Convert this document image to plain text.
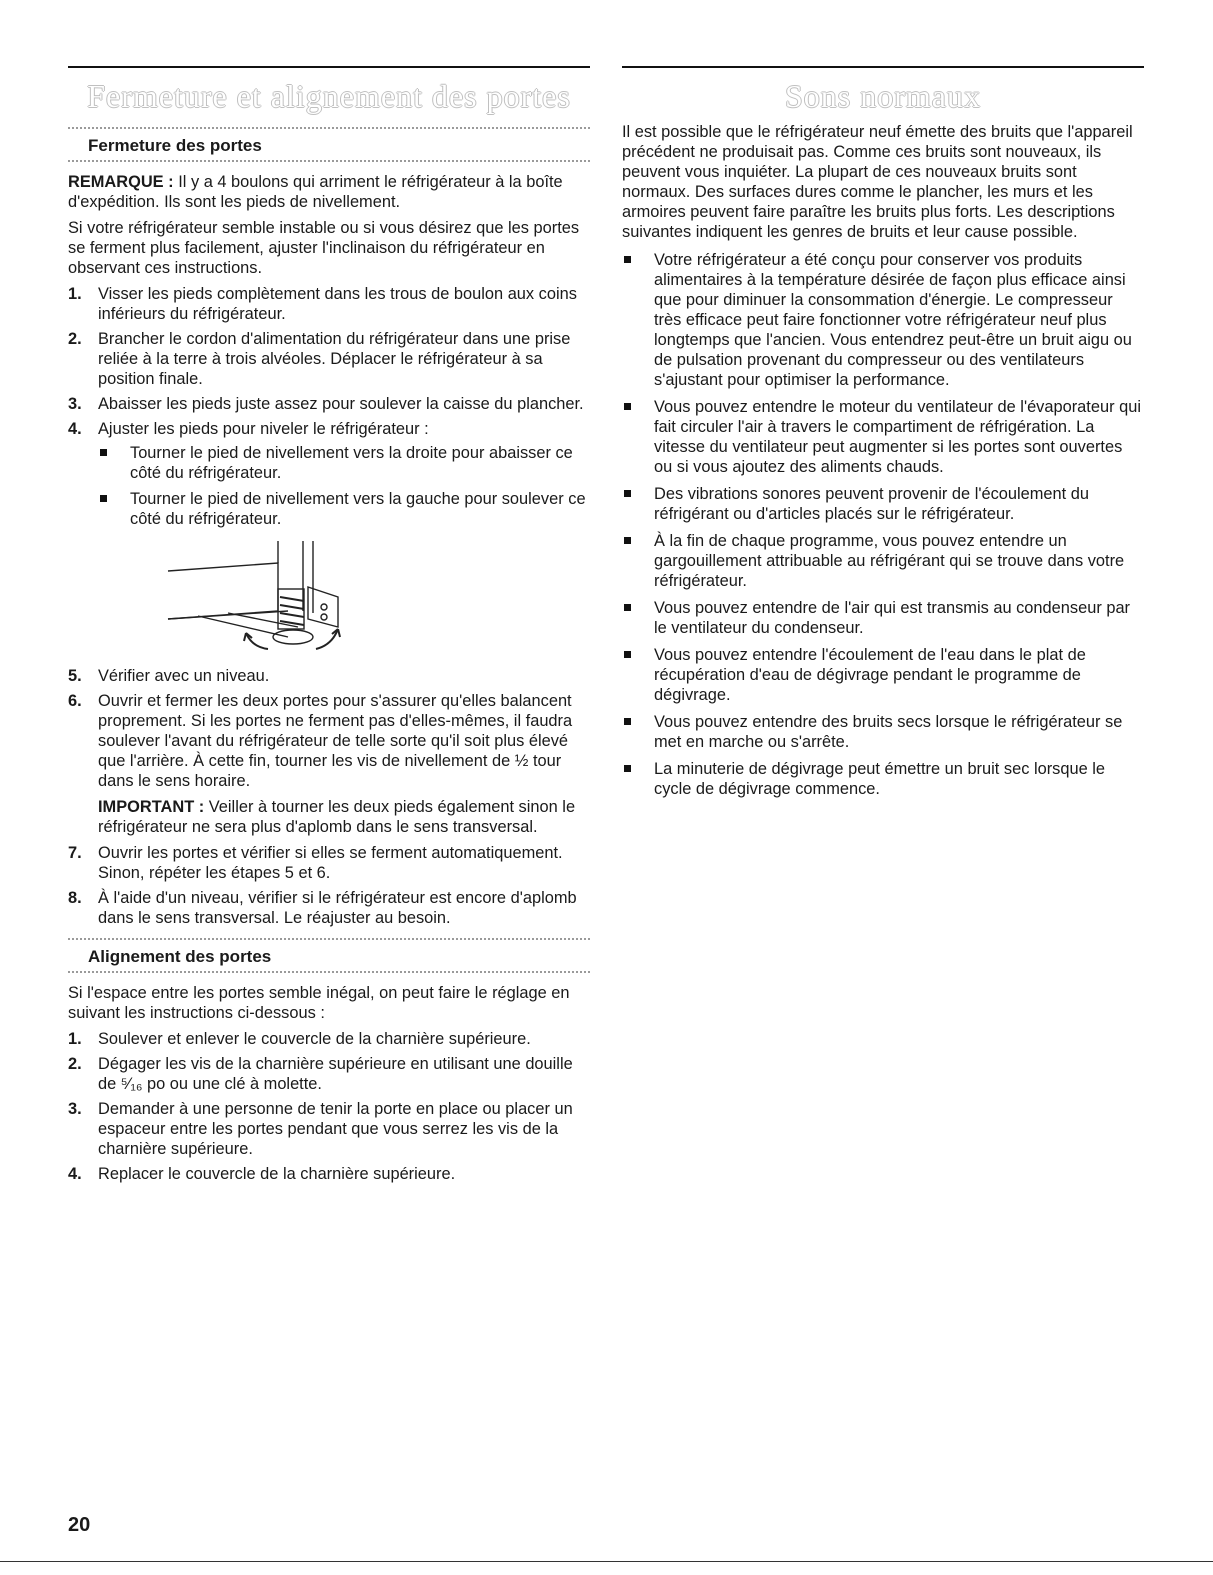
Fermeture et alignement des portes
Fermeture des portes

REMARQUE : Il y a 4 boulons qui arriment le réfrigérateur à la boîte d'expédition. Ils sont les pieds de nivellement.

Si votre réfrigérateur semble instable ou si vous désirez que les portes se ferment plus facilement, ajuster l'inclinaison du réfrigérateur en observant ces instructions.

1. Visser les pieds complètement dans les trous de boulon aux coins inférieurs du réfrigérateur.
2. Brancher le cordon d'alimentation du réfrigérateur dans une prise reliée à la terre à trois alvéoles. Déplacer le réfrigérateur à sa position finale.
3. Abaisser les pieds juste assez pour soulever la caisse du plancher.
4. Ajuster les pieds pour niveler le réfrigérateur :
Tourner le pied de nivellement vers la droite pour abaisser ce côté du réfrigérateur.
Tourner le pied de nivellement vers la gauche pour soulever ce côté du réfrigérateur.
5. Vérifier avec un niveau.
6. Ouvrir et fermer les deux portes pour s'assurer qu'elles balancent proprement. Si les portes ne ferment pas d'elles-mêmes, il faudra soulever l'avant du réfrigérateur de telle sorte qu'il soit plus élevé que l'arrière. À cette fin, tourner les vis de nivellement de ½ tour dans le sens horaire.

IMPORTANT : Veiller à tourner les deux pieds également sinon le réfrigérateur ne sera plus d'aplomb dans le sens transversal.

7. Ouvrir les portes et vérifier si elles se ferment automatiquement. Sinon, répéter les étapes 5 et 6.
8. À l'aide d'un niveau, vérifier si le réfrigérateur est encore d'aplomb dans le sens transversal. Le réajuster au besoin.
Alignement des portes

Si l'espace entre les portes semble inégal, on peut faire le réglage en suivant les instructions ci-dessous :

1. Soulever et enlever le couvercle de la charnière supérieure.
2. Dégager les vis de la charnière supérieure en utilisant une douille de ⁵⁄₁₆ po ou une clé à molette.
3. Demander à une personne de tenir la porte en place ou placer un espaceur entre les portes pendant que vous serrez les vis de la charnière supérieure.
4. Replacer le couvercle de la charnière supérieure.
Sons normaux

Il est possible que le réfrigérateur neuf émette des bruits que l'appareil précédent ne produisait pas. Comme ces bruits sont nouveaux, ils peuvent vous inquiéter. La plupart de ces nouveaux bruits sont normaux. Des surfaces dures comme le plancher, les murs et les armoires peuvent faire paraître les bruits plus forts. Les descriptions suivantes indiquent les genres de bruits et leur cause possible.

Votre réfrigérateur a été conçu pour conserver vos produits alimentaires à la température désirée de façon plus efficace ainsi que pour diminuer la consommation d'énergie. Le compresseur très efficace peut faire fonctionner votre réfrigérateur neuf plus longtemps que l'ancien. Vous entendrez peut-être un bruit aigu ou de pulsation provenant du compresseur ou des ventilateurs s'ajustant pour optimiser la performance.
Vous pouvez entendre le moteur du ventilateur de l'évaporateur qui fait circuler l'air à travers le compartiment de réfrigération. La vitesse du ventilateur peut augmenter si les portes sont ouvertes ou si vous ajoutez des aliments chauds.
Des vibrations sonores peuvent provenir de l'écoulement du réfrigérant ou d'articles placés sur le réfrigérateur.
À la fin de chaque programme, vous pouvez entendre un gargouillement attribuable au réfrigérant qui se trouve dans votre réfrigérateur.
Vous pouvez entendre de l'air qui est transmis au condenseur par le ventilateur du condenseur.
Vous pouvez entendre l'écoulement de l'eau dans le plat de récupération d'eau de dégivrage pendant le programme de dégivrage.
Vous pouvez entendre des bruits secs lorsque le réfrigérateur se met en marche ou s'arrête.
La minuterie de dégivrage peut émettre un bruit sec lorsque le cycle de dégivrage commence.
20
